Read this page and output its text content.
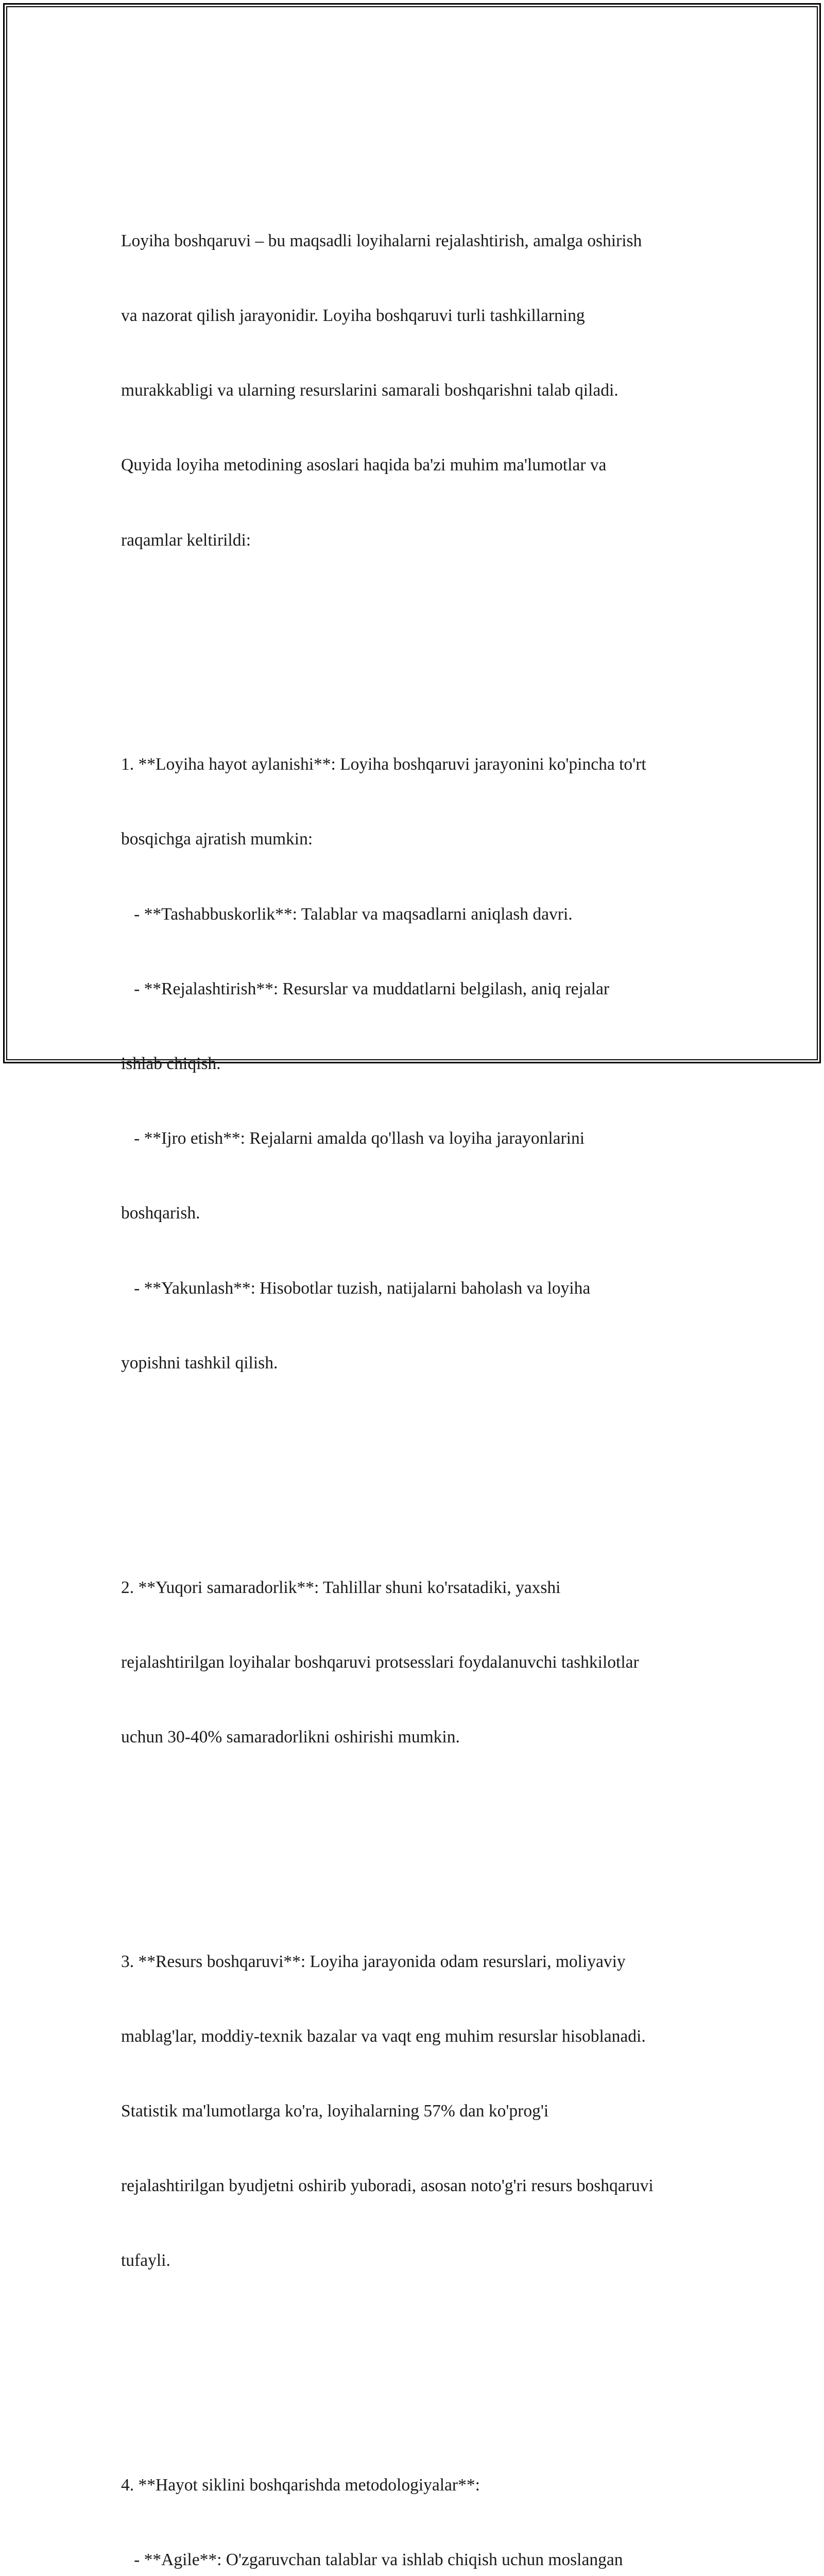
Loyiha boshqaruvi – bu maqsadli loyihalarni rejalashtirish, amalga oshirish

va nazorat qilish jarayonidir. Loyiha boshqaruvi turli tashkillarning

murakkabligi va ularning resurslarini samarali boshqarishni talab qiladi.

Quyida loyiha metodining asoslari haqida ba'zi muhim ma'lumotlar va

raqamlar keltirildi:

1. **Loyiha hayot aylanishi**: Loyiha boshqaruvi jarayonini ko'pincha to'rt

bosqichga ajratish mumkin:

- **Tashabbuskorlik**: Talablar va maqsadlarni aniqlash davri.

- **Rejalashtirish**: Resurslar va muddatlarni belgilash, aniq rejalar

ishlab chiqish.

- **Ijro etish**: Rejalarni amalda qo'llash va loyiha jarayonlarini

boshqarish.

- **Yakunlash**: Hisobotlar tuzish, natijalarni baholash va loyiha

yopishni tashkil qilish.

2. **Yuqori samaradorlik**: Tahlillar shuni ko'rsatadiki, yaxshi

rejalashtirilgan loyihalar boshqaruvi protsesslari foydalanuvchi tashkilotlar

uchun 30-40% samaradorlikni oshirishi mumkin.

3. **Resurs boshqaruvi**: Loyiha jarayonida odam resurslari, moliyaviy

mablag'lar, moddiy-texnik bazalar va vaqt eng muhim resurslar hisoblanadi.

Statistik ma'lumotlarga ko'ra, loyihalarning 57% dan ko'prog'i

rejalashtirilgan byudjetni oshirib yuboradi, asosan noto'g'ri resurs boshqaruvi

tufayli.

4. **Hayot siklini boshqarishda metodologiyalar**:

- **Agile**: O'zgaruvchan talablar va ishlab chiqish uchun moslangan
